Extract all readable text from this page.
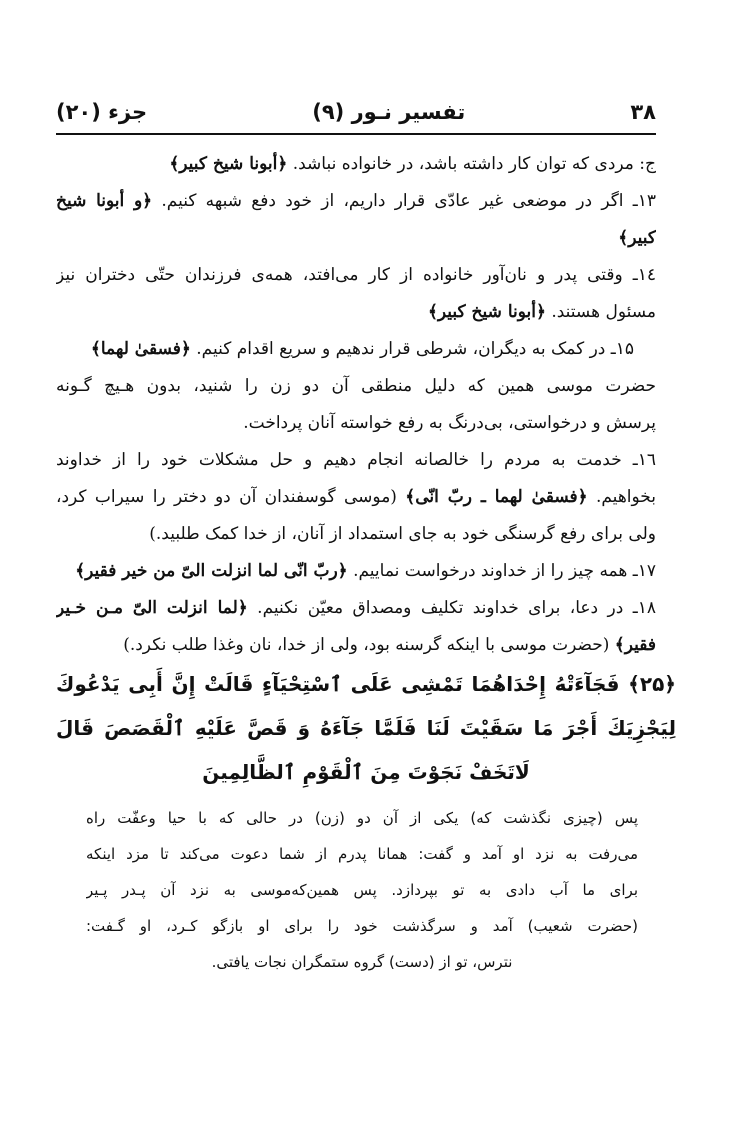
۳۸
تفسیر نـور (۹)
جزء (۲۰)
ج: مردی که توان کار داشته باشد، در خانواده نباشد. ﴿أبونا شیخ کبیر﴾
۱۳ـ اگر در موضعی غیر عادّی قرار داریم، از خود دفع شبهه کنیم. ﴿و أبونا شیخ
کبیر﴾
۱٤ـ وقتی پدر و نان‌آور خانواده از کار می‌افتد، همه‌ی فرزندان حتّی دختران نیز
مسئول هستند. ﴿أبونا شیخ کبیر﴾
۱۵ـ در کمک به دیگران، شرطی قرار ندهیم و سریع اقدام کنیم. ﴿فسقىٰ لهما﴾
حضرت موسی همین که دلیل منطقی آن دو زن را شنید، بدون هـیچ گـونه
پرسش و درخواستی، بی‌درنگ به رفع خواسته آنان پرداخت.
۱٦ـ خدمت به مردم را خالصانه انجام دهیم و حل مشکلات خود را از خداوند
بخواهیم. ﴿فسقىٰ لهما ـ ربّ انّی﴾ (موسی گوسفندان آن دو دختر را سیراب کرد،
ولی برای رفع گرسنگی خود به جای استمداد از آنان، از خدا کمک طلبید.)
۱۷ـ همه چیز را از خداوند درخواست نماییم. ﴿ربّ انّی لما انزلت الیّ من خیر فقیر﴾
۱۸ـ در دعا، برای خداوند تکلیف ومصداق معیّن نکنیم. ﴿لما انزلت الیّ مـن خـیر
فقیر﴾ (حضرت موسی با اینکه گرسنه بود، ولی از خدا، نان وغذا طلب نکرد.)
﴿۲۵﴾ فَجَآءَتْهُ إِحْدَاهُمَا تَمْشِى عَلَى ٱسْتِحْيَآءٍ قَالَتْ إِنَّ أَبِى يَدْعُوكَ
لِيَجْزِيَكَ أَجْرَ مَا سَقَيْتَ لَنَا فَلَمَّا جَآءَهُ وَ قَصَّ عَلَيْهِ ٱلْقَصَصَ قَالَ
لَاتَخَفْ نَجَوْتَ مِنَ ٱلْقَوْمِ ٱلظَّالِمِينَ
پس (چیزی نگذشت که) یکی از آن دو (زن) در حالی که با حیا وعفّت راه
می‌رفت به نزد او آمد و گفت: همانا پدرم از شما دعوت می‌کند تا مزد اینکه
برای ما آب دادی به تو بپردازد. پس همین‌که‌موسی به نزد آن پـدر پـیر
(حضرت شعیب) آمد و سرگذشت خود را برای او بازگو کـرد، او گـفت:
نترس، تو از (دست) گروه ستمگران نجات یافتی.
